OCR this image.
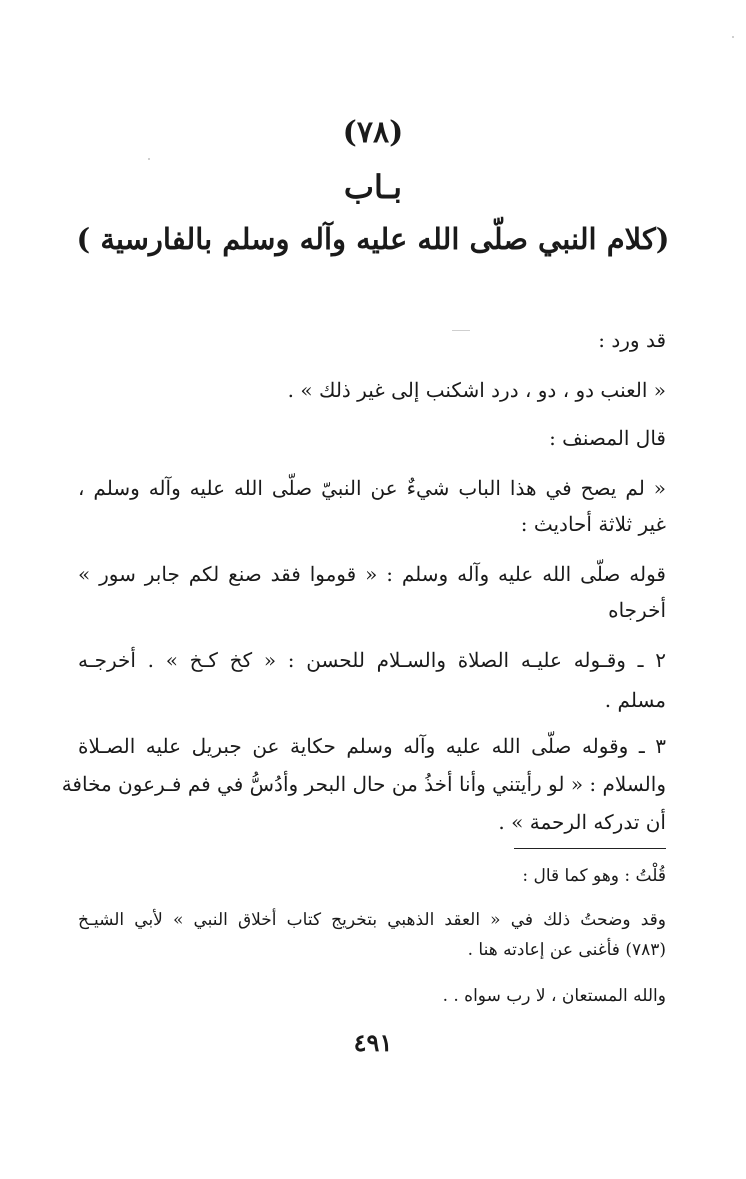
(٧٨)
بـاب
(كلام النبي صلّى الله عليه وآله وسلم بالفارسية )
قد ورد :
« العنب دو ، دو ، درد اشكنب إلى غير ذلك » .
قال المصنف :
« لم يصح في هذا الباب شيءٌ عن النبيّ صلّى الله عليه وآله وسلم ،
غير ثلاثة أحاديث :
قوله صلّى الله عليه وآله وسلم : « قوموا فقد صنع لكم جابر سور »
أخرجاه
٢ ـ وقـوله عليـه الصلاة والسـلام للحسن : « كخ كـخ » . أخرجـه
مسلم .
٣ ـ وقوله صلّى الله عليه وآله وسلم حكاية عن جبريل عليه الصـلاة
والسلام : « لو رأيتني وأنا أخذُ من حال البحر وأدُسُّ في فم فـرعون مخافة
أن تدركه الرحمة » .
قُلْتُ : وهو كما قال :
وقد وضحتُ ذلك في « العقد الذهبي بتخريج كتاب أخلاق النبي » لأبي الشيـخ
(٧٨٣) فأغنى عن إعادته هنا .
والله المستعان ، لا رب سواه . .
٤٩١
